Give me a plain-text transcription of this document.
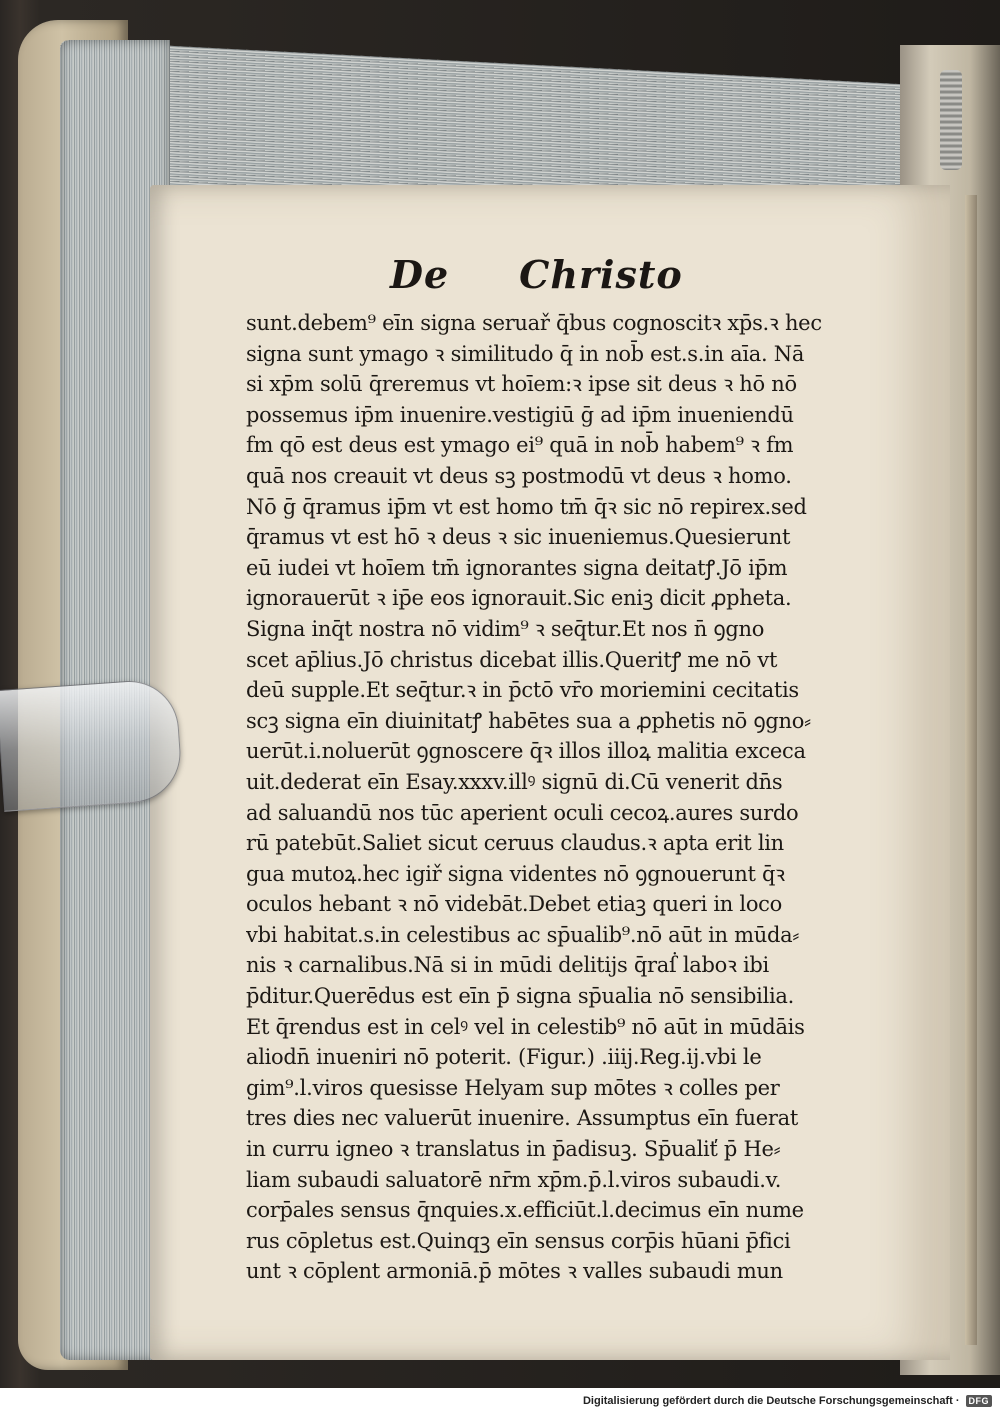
De Christo
sunt.debem⁹ eīn signa seruař q̄bus cognoscitꝛ xp̄s.ꝛ hec
signa sunt ymago ꝛ similitudo q̄ in nob̄ est.s.in aīa. Nā
si xp̄m solū q̄reremus vt hoīem:ꝛ ipse sit deus ꝛ hō nō
possemus ip̄m inuenire.vestigiū ḡ ad ip̄m inueniendū
fm qō est deus est ymago ei⁹ quā in nob̄ habem⁹ ꝛ fm
quā nos creauit vt deus sꝫ postmodū vt deus ꝛ homo.
Nō ḡ q̄ramus ip̄m vt est homo tm̄ q̄ꝛ sic nō repirex.sed
q̄ramus vt est hō ꝛ deus ꝛ sic inueniemus.Quesierunt
eū iudei vt hoīem tm̄ ignorantes signa deitatꝭ.Jō ip̄m
ignorauerūt ꝛ ip̄e eos ignorauit.Sic eniꝫ dicit ꝓpheta.
Signa inq̄t nostra nō vidim⁹ ꝛ seq̄tur.Et nos n̄ ꝯgno
scet ap̄lius.Jō christus dicebat illis.Queritꝭ me nō vt
deū supple.Et seq̄tur.ꝛ in p̄ctō vr̄o moriemini cecitatis
scꝫ signa eīn diuinitatꝭ habētes sua a ꝓphetis nō ꝯgno⸗
uerūt.i.noluerūt ꝯgnoscere q̄ꝛ illos illoꝝ malitia exceca
uit.dederat eīn Esay.xxxv.illꝰ signū di.Cū venerit dn̄s
ad saluandū nos tūc aperient oculi cecoꝝ.aures surdo
rū patebūt.Saliet sicut ceruus claudus.ꝛ apta erit lin
gua mutoꝝ.hec igiř signa videntes nō ꝯgnouerunt q̄ꝛ
oculos hebant ꝛ nō videbāt.Debet etiaꝫ queri in loco
vbi habitat.s.in celestibus ac sp̄ualib⁹.nō aūt in mūda⸗
nis ꝛ carnalibus.Nā si in mūdi delitijs q̄raẛ laboꝛ ibi
p̄ditur.Querēdus est eīn p̄ signa sp̄ualia nō sensibilia.
Et q̄rendus est in celꝰ vel in celestib⁹ nō aūt in mūdāis
aliodn̄ inueniri nō poterit. (Figur.) .iiij.Reg.ij.vbi le
gim⁹.l.viros quesisse Helyam sup mōtes ꝛ colles per
tres dies nec valuerūt inuenire. Assumptus eīn fuerat
in curru igneo ꝛ translatus in p̄adisuꝫ. Sp̄ualiť p̄ He⸗
liam subaudi saluatorē nr̄m xp̄m.p̄.l.viros subaudi.v.
corp̄ales sensus q̄nquies.x.efficiūt.l.decimus eīn nume
rus cōpletus est.Quinqꝫ eīn sensus corp̄is hūani p̄fici
unt ꝛ cōplent armoniā.p̄ mōtes ꝛ valles subaudi mun
Digitalisierung gefördert durch die Deutsche Forschungsgemeinschaft ·	DFG
